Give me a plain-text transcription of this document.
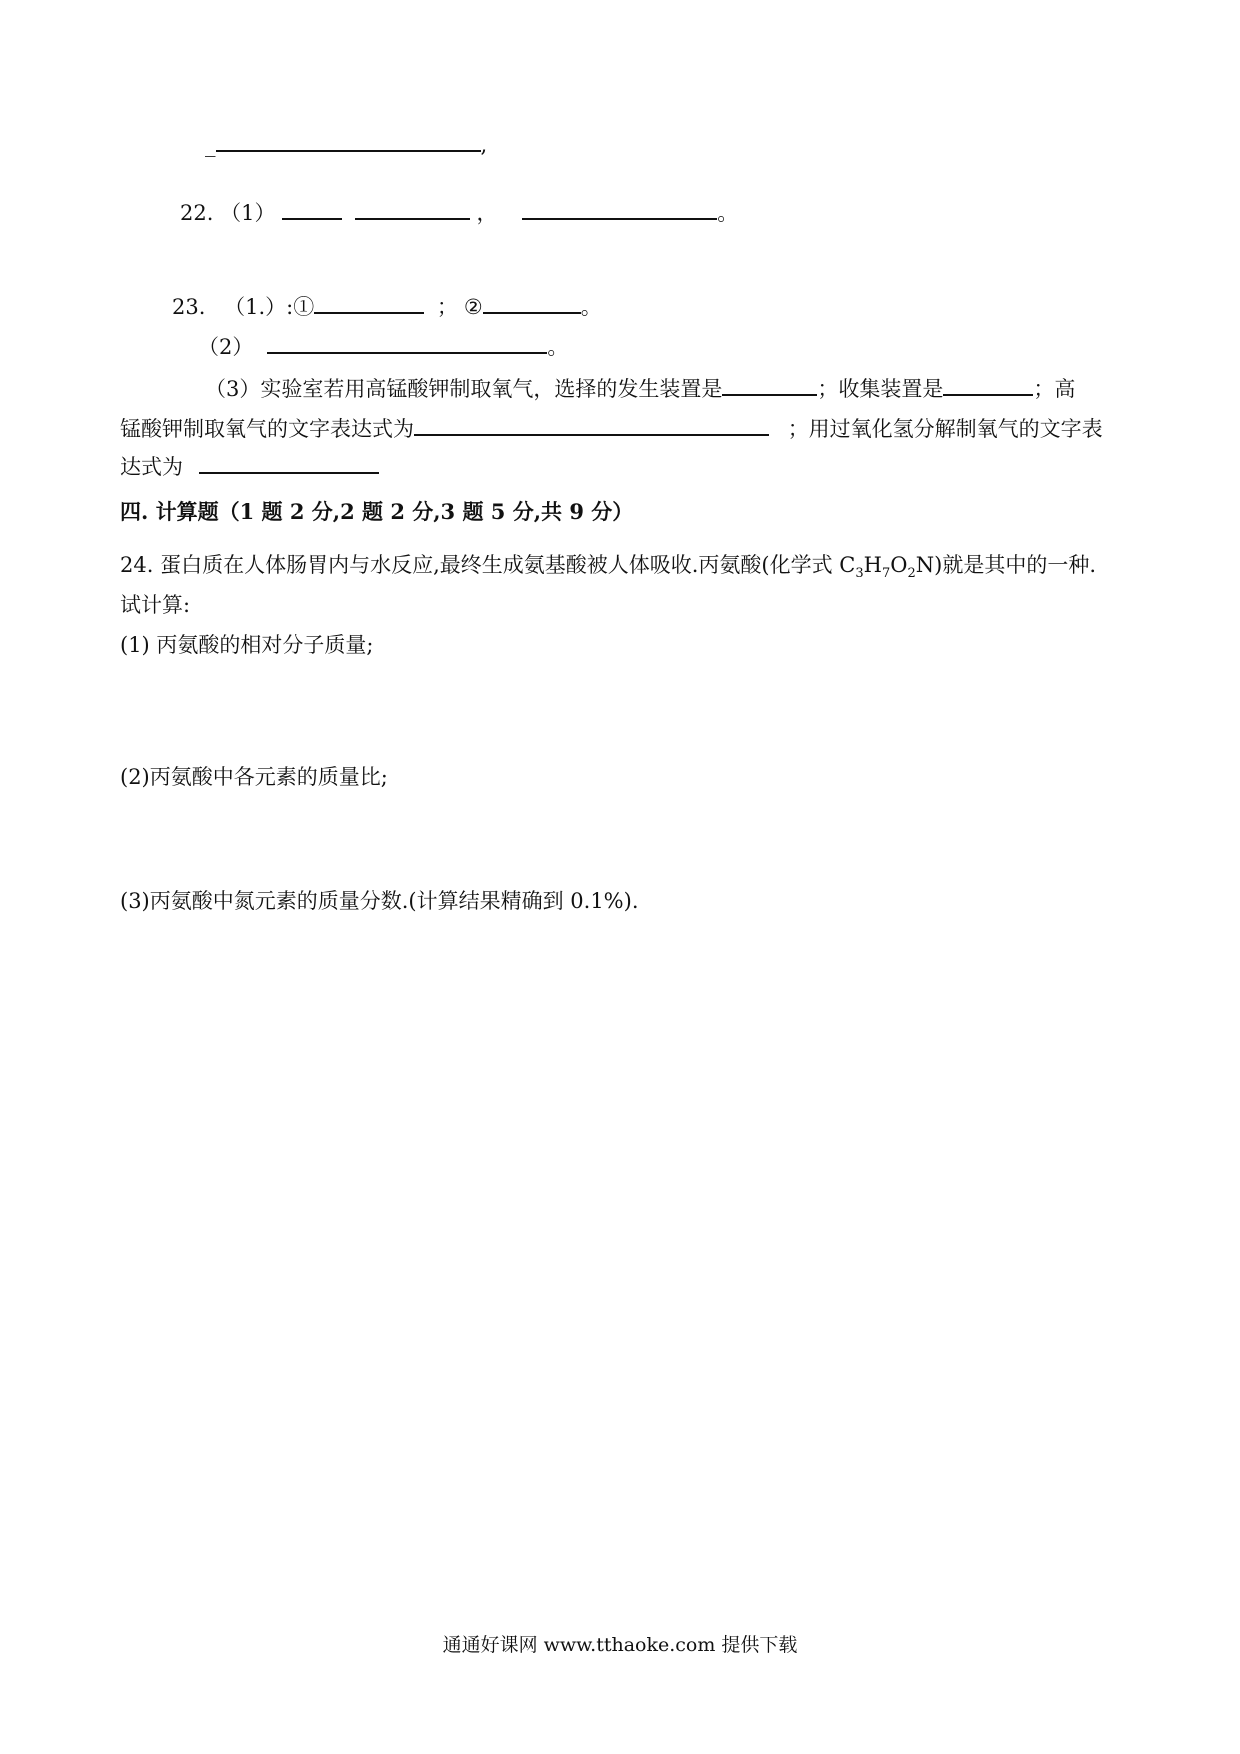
_	,
22. （1）	，	。
23. （1.）:①	； ②	。
（2）	。
（3）实验室若用高锰酸钾制取氧气，选择的发生装置是	；收集装置是	；高
锰酸钾制取氧气的文字表达式为	；用过氧化氢分解制氧气的文字表
达式为
四. 计算题（1 题 2 分,2 题 2 分,3 题 5 分,共 9 分）
24. 蛋白质在人体肠胃内与水反应,最终生成氨基酸被人体吸收.丙氨酸(化学式 $C_3H_7O_2N$)就是其中的一种.
试计算:
(1) 丙氨酸的相对分子质量;
(2)丙氨酸中各元素的质量比;
(3)丙氨酸中氮元素的质量分数.(计算结果精确到 0.1%).
通通好课网 www.tthaoke.com 提供下载
